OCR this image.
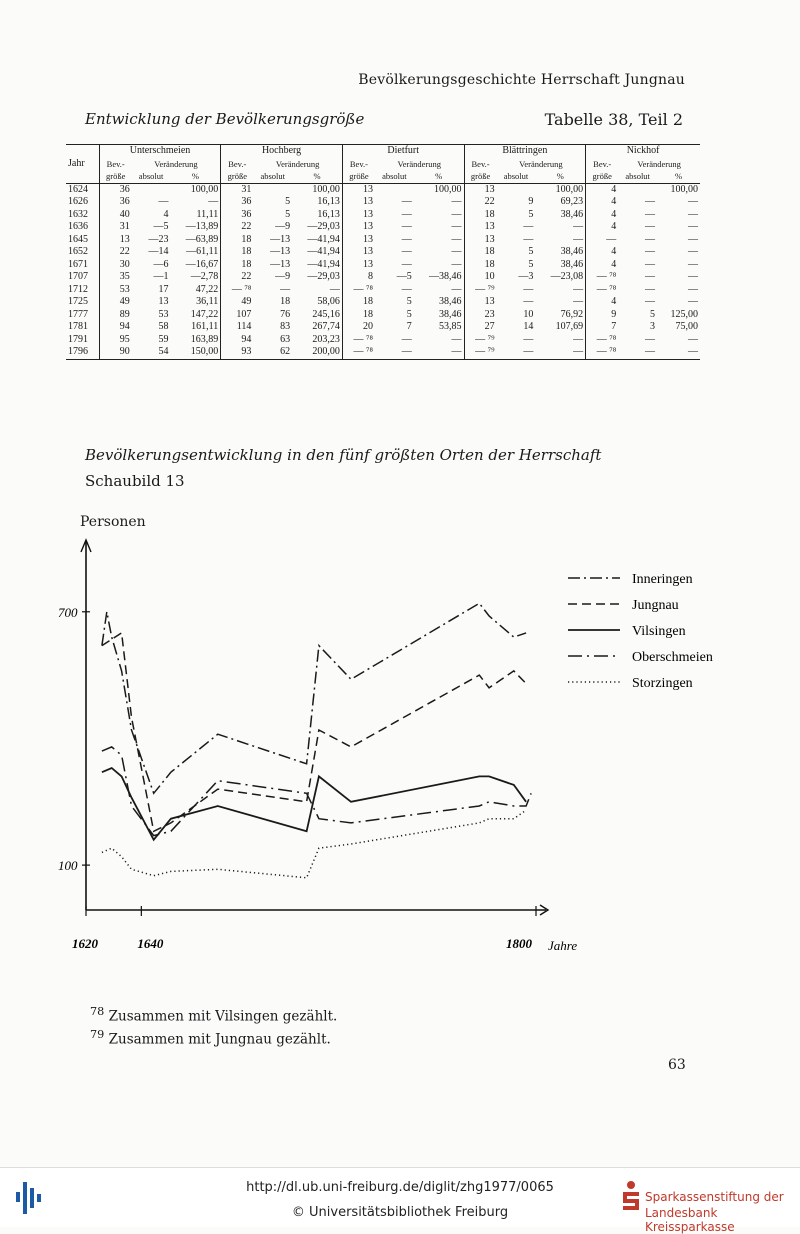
Bevölkerungsgeschichte Herrschaft Jungnau
Entwicklung der Bevölkerungsgröße	Tabelle 38, Teil 2
Jahr	Unterschmeien			Hochberg			Dietfurt			Blättringen			Nickhof		
	Bev.-	Veränderung		Bev.-	Veränderung		Bev.-	Veränderung		Bev.-	Veränderung		Bev.-	Veränderung	
	größe	absolut	%	größe	absolut	%	größe	absolut	%	größe	absolut	%	größe	absolut	%
1624	36		100,00	31		100,00	13		100,00	13		100,00	4		100,00
1626	36	—	—	36	5	16,13	13	—	—	22	9	69,23	4	—	—
1632	40	4	11,11	36	5	16,13	13	—	—	18	5	38,46	4	—	—
1636	31	—5	—13,89	22	—9	—29,03	13	—	—	13	—	—	4	—	—
1645	13	—23	—63,89	18	—13	—41,94	13	—	—	13	—	—	—	—	—
1652	22	—14	—61,11	18	—13	—41,94	13	—	—	18	5	38,46	4	—	—
1671	30	—6	—16,67	18	—13	—41,94	13	—	—	18	5	38,46	4	—	—
1707	35	—1	—2,78	22	—9	—29,03	8	—5	—38,46	10	—3	—23,08	— ⁷⁸	—	—
1712	53	17	47,22	— ⁷⁸	—	—	— ⁷⁸	—	—	— ⁷⁹	—	—	— ⁷⁸	—	—
1725	49	13	36,11	49	18	58,06	18	5	38,46	13	—	—	4	—	—
1777	89	53	147,22	107	76	245,16	18	5	38,46	23	10	76,92	9	5	125,00
1781	94	58	161,11	114	83	267,74	20	7	53,85	27	14	107,69	7	3	75,00
1791	95	59	163,89	94	63	203,23	— ⁷⁸	—	—	— ⁷⁹	—	—	— ⁷⁸	—	—
1796	90	54	150,00	93	62	200,00	— ⁷⁸	—	—	— ⁷⁹	—	—	— ⁷⁸	—	—
Bevölkerungsentwicklung in den fünf größten Orten der Herrschaft
Schaubild 13
Personen
700
100
1620	1640	1800 Jahre
Inneringen
Jungnau
Vilsingen
Oberschmeien
Storzingen
$^{78}$ Zusammen mit Vilsingen gezählt.
$^{79}$ Zusammen mit Jungnau gezählt.
63
http://dl.ub.uni-freiburg.de/diglit/zhg1977/0065
© Universitätsbibliothek Freiburg
Sparkassenstiftung der
Landesbank Kreissparkasse
